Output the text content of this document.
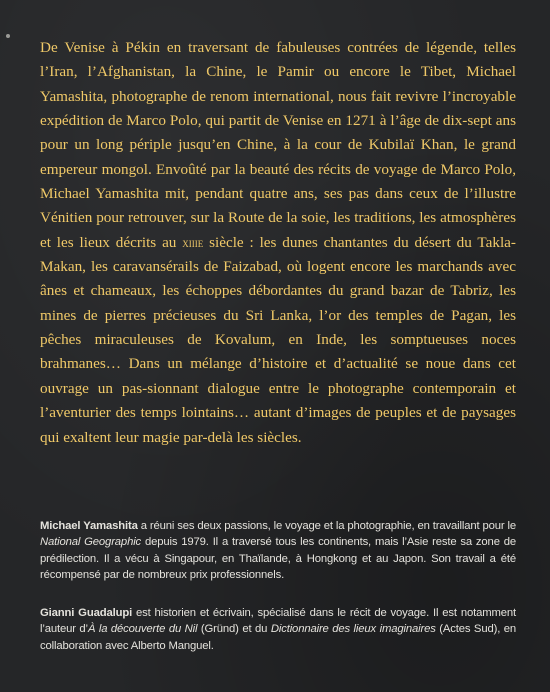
De Venise à Pékin en traversant de fabuleuses contrées de légende, telles l’Iran, l’Afghanistan, la Chine, le Pamir ou encore le Tibet, Michael Yamashita, photographe de renom international, nous fait revivre l’incroyable expédition de Marco Polo, qui partit de Venise en 1271 à l’âge de dix-sept ans pour un long périple jusqu’en Chine, à la cour de Kubilaï Khan, le grand empereur mongol. Envoûté par la beauté des récits de voyage de Marco Polo, Michael Yamashita mit, pendant quatre ans, ses pas dans ceux de l’illustre Vénitien pour retrouver, sur la Route de la soie, les traditions, les atmosphères et les lieux décrits au xiiie siècle : les dunes chantantes du désert du Takla-Makan, les caravansérails de Faizabad, où logent encore les marchands avec ânes et chameaux, les échoppes débordantes du grand bazar de Tabriz, les mines de pierres précieuses du Sri Lanka, l’or des temples de Pagan, les pêches miraculeuses de Kovalum, en Inde, les somptueuses noces brahmanes… Dans un mélange d’histoire et d’actualité se noue dans cet ouvrage un pas-sionnant dialogue entre le photographe contemporain et l’aventurier des temps lointains… autant d’images de peuples et de paysages qui exaltent leur magie par-delà les siècles.

Michael Yamashita a réuni ses deux passions, le voyage et la photographie, en travaillant pour le National Geographic depuis 1979. Il a traversé tous les continents, mais l’Asie reste sa zone de prédilection. Il a vécu à Singapour, en Thaïlande, à Hongkong et au Japon. Son travail a été récompensé par de nombreux prix professionnels.

Gianni Guadalupi est historien et écrivain, spécialisé dans le récit de voyage. Il est notamment l’auteur d’À la découverte du Nil (Gründ) et du Dictionnaire des lieux imaginaires (Actes Sud), en collaboration avec Alberto Manguel.
